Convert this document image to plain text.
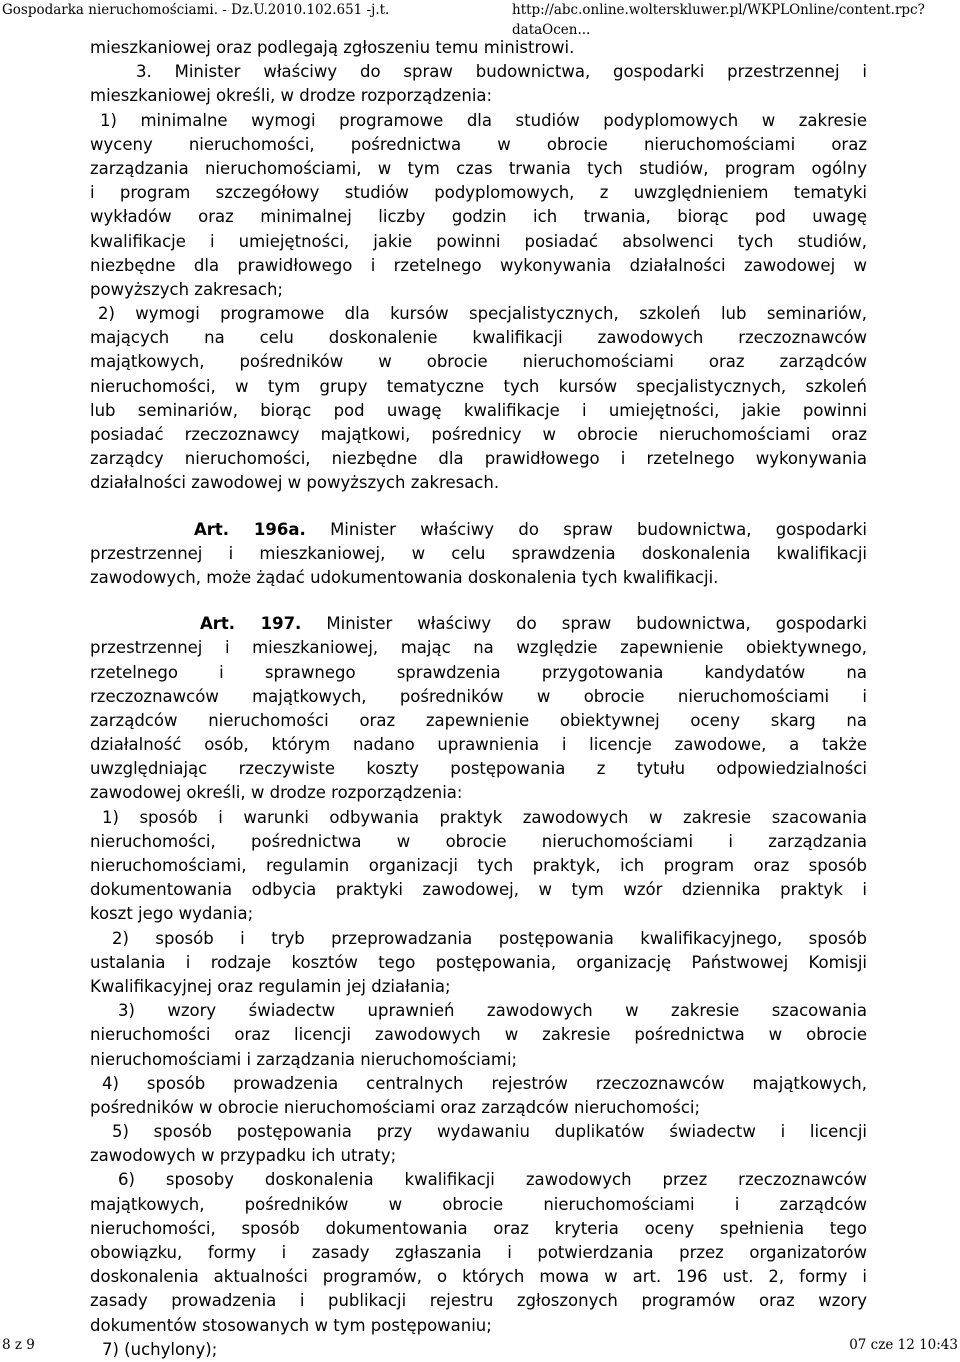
Gospodarka nieruchomościami. - Dz.U.2010.102.651 -j.t.	http://abc.online.wolterskluwer.pl/WKPLOnline/content.rpc?dataOcen...
mieszkaniowej oraz podlegają zgłoszeniu temu ministrowi.
3. Minister właściwy do spraw budownictwa, gospodarki przestrzennej i
mieszkaniowej określi, w drodze rozporządzenia:
1) minimalne wymogi programowe dla studiów podyplomowych w zakresie
wyceny nieruchomości, pośrednictwa w obrocie nieruchomościami oraz
zarządzania nieruchomościami, w tym czas trwania tych studiów, program ogólny
i program szczegółowy studiów podyplomowych, z uwzględnieniem tematyki
wykładów oraz minimalnej liczby godzin ich trwania, biorąc pod uwagę
kwalifikacje i umiejętności, jakie powinni posiadać absolwenci tych studiów,
niezbędne dla prawidłowego i rzetelnego wykonywania działalności zawodowej w
powyższych zakresach;
2) wymogi programowe dla kursów specjalistycznych, szkoleń lub seminariów,
mających na celu doskonalenie kwalifikacji zawodowych rzeczoznawców
majątkowych, pośredników w obrocie nieruchomościami oraz zarządców
nieruchomości, w tym grupy tematyczne tych kursów specjalistycznych, szkoleń
lub seminariów, biorąc pod uwagę kwalifikacje i umiejętności, jakie powinni
posiadać rzeczoznawcy majątkowi, pośrednicy w obrocie nieruchomościami oraz
zarządcy nieruchomości, niezbędne dla prawidłowego i rzetelnego wykonywania
działalności zawodowej w powyższych zakresach.
Art. 196a. Minister właściwy do spraw budownictwa, gospodarki
przestrzennej i mieszkaniowej, w celu sprawdzenia doskonalenia kwalifikacji
zawodowych, może żądać udokumentowania doskonalenia tych kwalifikacji.
Art. 197. Minister właściwy do spraw budownictwa, gospodarki
przestrzennej i mieszkaniowej, mając na względzie zapewnienie obiektywnego,
rzetelnego i sprawnego sprawdzenia przygotowania kandydatów na
rzeczoznawców majątkowych, pośredników w obrocie nieruchomościami i
zarządców nieruchomości oraz zapewnienie obiektywnej oceny skarg na
działalność osób, którym nadano uprawnienia i licencje zawodowe, a także
uwzględniając rzeczywiste koszty postępowania z tytułu odpowiedzialności
zawodowej określi, w drodze rozporządzenia:
1) sposób i warunki odbywania praktyk zawodowych w zakresie szacowania
nieruchomości, pośrednictwa w obrocie nieruchomościami i zarządzania
nieruchomościami, regulamin organizacji tych praktyk, ich program oraz sposób
dokumentowania odbycia praktyki zawodowej, w tym wzór dziennika praktyk i
koszt jego wydania;
2) sposób i tryb przeprowadzania postępowania kwalifikacyjnego, sposób
ustalania i rodzaje kosztów tego postępowania, organizację Państwowej Komisji
Kwalifikacyjnej oraz regulamin jej działania;
3) wzory świadectw uprawnień zawodowych w zakresie szacowania
nieruchomości oraz licencji zawodowych w zakresie pośrednictwa w obrocie
nieruchomościami i zarządzania nieruchomościami;
4) sposób prowadzenia centralnych rejestrów rzeczoznawców majątkowych,
pośredników w obrocie nieruchomościami oraz zarządców nieruchomości;
5) sposób postępowania przy wydawaniu duplikatów świadectw i licencji
zawodowych w przypadku ich utraty;
6) sposoby doskonalenia kwalifikacji zawodowych przez rzeczoznawców
majątkowych, pośredników w obrocie nieruchomościami i zarządców
nieruchomości, sposób dokumentowania oraz kryteria oceny spełnienia tego
obowiązku, formy i zasady zgłaszania i potwierdzania przez organizatorów
doskonalenia aktualności programów, o których mowa w art. 196 ust. 2, formy i
zasady prowadzenia i publikacji rejestru zgłoszonych programów oraz wzory
dokumentów stosowanych w tym postępowaniu;
7) (uchylony);
8 z 9	07 cze 12 10:43
